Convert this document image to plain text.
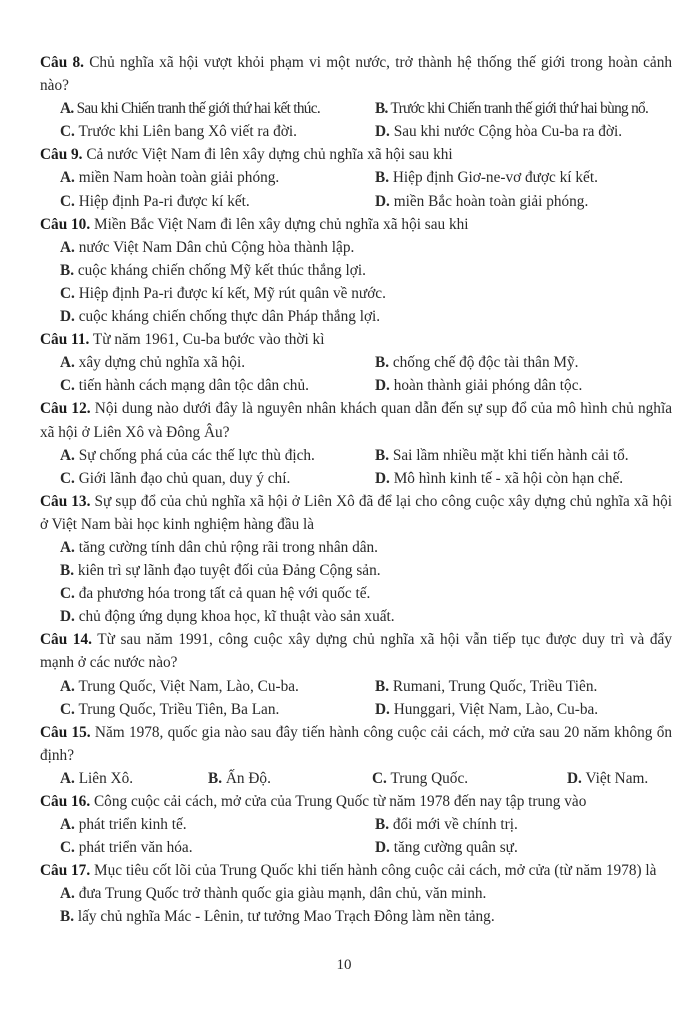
Câu 8. Chủ nghĩa xã hội vượt khỏi phạm vi một nước, trở thành hệ thống thế giới trong hoàn cảnh nào?
A. Sau khi Chiến tranh thế giới thứ hai kết thúc.	B. Trước khi Chiến tranh thế giới thứ hai bùng nổ.
C. Trước khi Liên bang Xô viết ra đời.	D. Sau khi nước Cộng hòa Cu-ba ra đời.
Câu 9. Cả nước Việt Nam đi lên xây dựng chủ nghĩa xã hội sau khi
A. miền Nam hoàn toàn giải phóng.	B. Hiệp định Giơ-ne-vơ được kí kết.
C. Hiệp định Pa-ri được kí kết.	D. miền Bắc hoàn toàn giải phóng.
Câu 10. Miền Bắc Việt Nam đi lên xây dựng chủ nghĩa xã hội sau khi
A. nước Việt Nam Dân chủ Cộng hòa thành lập.
B. cuộc kháng chiến chống Mỹ kết thúc thắng lợi.
C. Hiệp định Pa-ri được kí kết, Mỹ rút quân về nước.
D. cuộc kháng chiến chống thực dân Pháp thắng lợi.
Câu 11. Từ năm 1961, Cu-ba bước vào thời kì
A. xây dựng chủ nghĩa xã hội.	B. chống chế độ độc tài thân Mỹ.
C. tiến hành cách mạng dân tộc dân chủ.	D. hoàn thành giải phóng dân tộc.
Câu 12. Nội dung nào dưới đây là nguyên nhân khách quan dẫn đến sự sụp đổ của mô hình chủ nghĩa xã hội ở Liên Xô và Đông Âu?
A. Sự chống phá của các thế lực thù địch.	B. Sai lầm nhiều mặt khi tiến hành cải tổ.
C. Giới lãnh đạo chủ quan, duy ý chí.	D. Mô hình kinh tế - xã hội còn hạn chế.
Câu 13. Sự sụp đổ của chủ nghĩa xã hội ở Liên Xô đã để lại cho công cuộc xây dựng chủ nghĩa xã hội ở Việt Nam bài học kinh nghiệm hàng đầu là
A. tăng cường tính dân chủ rộng rãi trong nhân dân.
B. kiên trì sự lãnh đạo tuyệt đối của Đảng Cộng sản.
C. đa phương hóa trong tất cả quan hệ với quốc tế.
D. chủ động ứng dụng khoa học, kĩ thuật vào sản xuất.
Câu 14. Từ sau năm 1991, công cuộc xây dựng chủ nghĩa xã hội vẫn tiếp tục được duy trì và đẩy mạnh ở các nước nào?
A. Trung Quốc, Việt Nam, Lào, Cu-ba.	B. Rumani, Trung Quốc, Triều Tiên.
C. Trung Quốc, Triều Tiên, Ba Lan.	D. Hunggari, Việt Nam, Lào, Cu-ba.
Câu 15. Năm 1978, quốc gia nào sau đây tiến hành công cuộc cải cách, mở cửa sau 20 năm không ổn định?
A. Liên Xô.	B. Ấn Độ.	C. Trung Quốc.	D. Việt Nam.
Câu 16. Công cuộc cải cách, mở cửa của Trung Quốc từ năm 1978 đến nay tập trung vào
A. phát triển kinh tế.	B. đổi mới về chính trị.
C. phát triển văn hóa.	D. tăng cường quân sự.
Câu 17. Mục tiêu cốt lõi của Trung Quốc khi tiến hành công cuộc cải cách, mở cửa (từ năm 1978) là
A. đưa Trung Quốc trở thành quốc gia giàu mạnh, dân chủ, văn minh.
B. lấy chủ nghĩa Mác - Lênin, tư tưởng Mao Trạch Đông làm nền tảng.
10
